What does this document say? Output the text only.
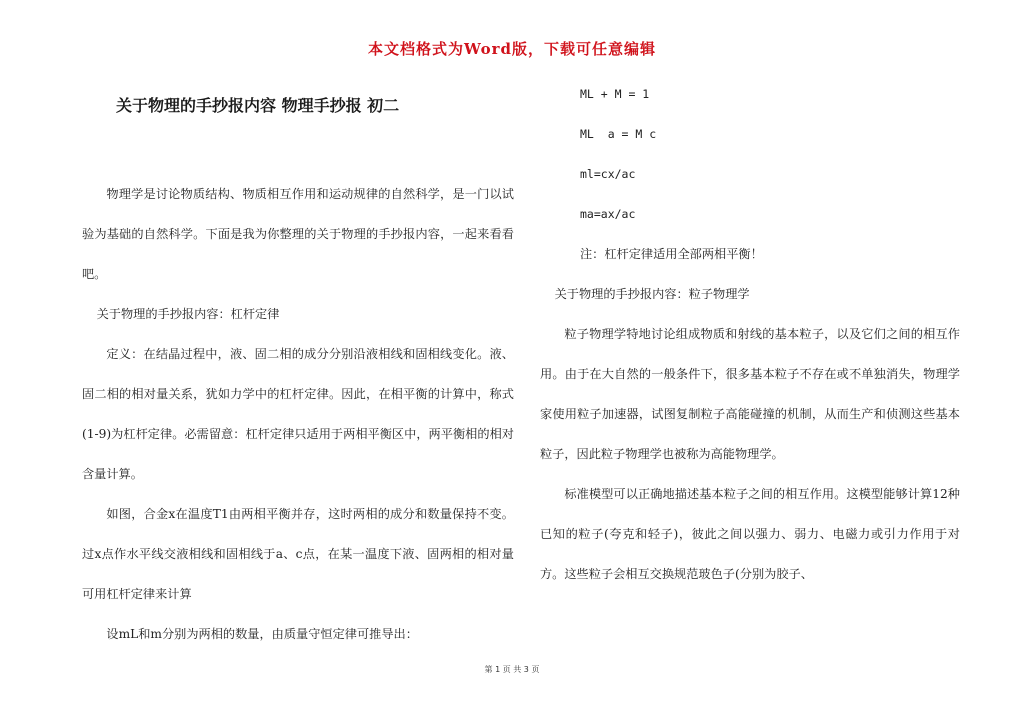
本文档格式为Word版，下载可任意编辑
关于物理的手抄报内容 物理手抄报 初二

物理学是讨论物质结构、物质相互作用和运动规律的自然科学，是一门以试验为基础的自然科学。下面是我为你整理的关于物理的手抄报内容，一起来看看吧。

关于物理的手抄报内容：杠杆定律

定义：在结晶过程中，液、固二相的成分分别沿液相线和固相线变化。液、固二相的相对量关系，犹如力学中的杠杆定律。因此，在相平衡的计算中，称式(1-9)为杠杆定律。必需留意：杠杆定律只适用于两相平衡区中，两平衡相的相对含量计算。

如图，合金x在温度T1由两相平衡并存，这时两相的成分和数量保持不变。过x点作水平线交液相线和固相线于a、c点，在某一温度下液、固两相的相对量可用杠杆定律来计算

设mL和m分别为两相的数量，由质量守恒定律可推导出：

ML + M = 1

ML  a = M c

ml=cx/ac

ma=ax/ac

注：杠杆定律适用全部两相平衡！

关于物理的手抄报内容：粒子物理学

粒子物理学特地讨论组成物质和射线的基本粒子，以及它们之间的相互作用。由于在大自然的一般条件下，很多基本粒子不存在或不单独消失，物理学家使用粒子加速器，试图复制粒子高能碰撞的机制，从而生产和侦测这些基本粒子，因此粒子物理学也被称为高能物理学。

标准模型可以正确地描述基本粒子之间的相互作用。这模型能够计算12种已知的粒子(夸克和轻子)，彼此之间以强力、弱力、电磁力或引力作用于对方。这些粒子会相互交换规范玻色子(分别为胶子、

第 1 页 共 3 页
